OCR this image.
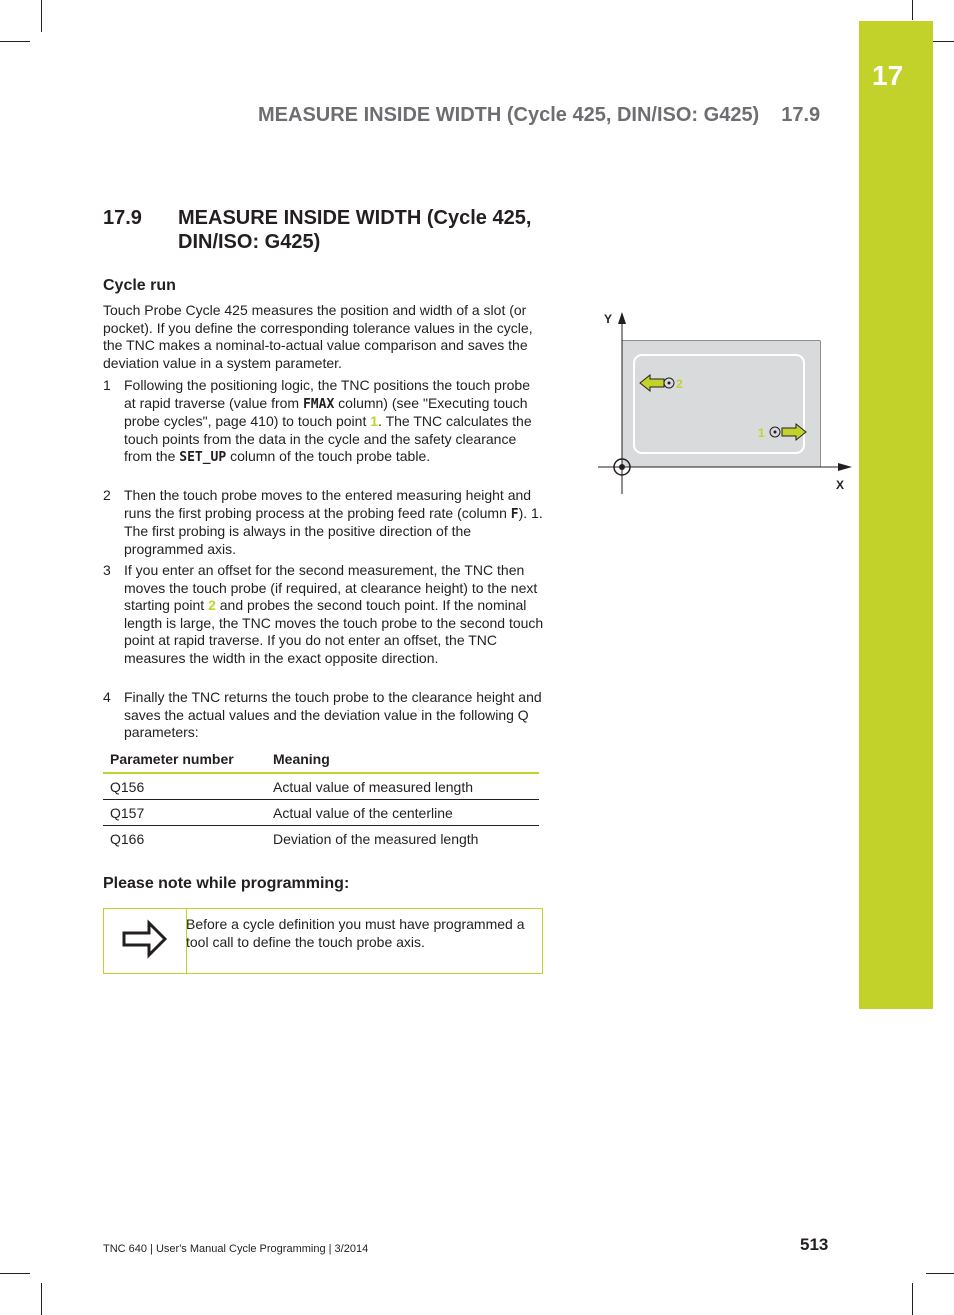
17
MEASURE INSIDE WIDTH (Cycle 425, DIN/ISO: G425) 17.9
17.9 MEASURE INSIDE WIDTH (Cycle 425, DIN/ISO: G425)
Cycle run
Touch Probe Cycle 425 measures the position and width of a slot (or pocket). If you define the corresponding tolerance values in the cycle, the TNC makes a nominal-to-actual value comparison and saves the deviation value in a system parameter.
1 Following the positioning logic, the TNC positions the touch probe at rapid traverse (value from FMAX column) (see "Executing touch probe cycles", page 410) to touch point 1. The TNC calculates the touch points from the data in the cycle and the safety clearance from the SET_UP column of the touch probe table.
2 Then the touch probe moves to the entered measuring height and runs the first probing process at the probing feed rate (column F). 1. The first probing is always in the positive direction of the programmed axis.
3 If you enter an offset for the second measurement, the TNC then moves the touch probe (if required, at clearance height) to the next starting point 2 and probes the second touch point. If the nominal length is large, the TNC moves the touch probe to the second touch point at rapid traverse. If you do not enter an offset, the TNC measures the width in the exact opposite direction.
4 Finally the TNC returns the touch probe to the clearance height and saves the actual values and the deviation value in the following Q parameters:
Parameter number	Meaning
Q156	Actual value of measured length
Q157	Actual value of the centerline
Q166	Deviation of the measured length
Please note while programming:
Before a cycle definition you must have programmed a tool call to define the touch probe axis.
Y
X
2
1
TNC 640 | User's Manual Cycle Programming | 3/2014	513
